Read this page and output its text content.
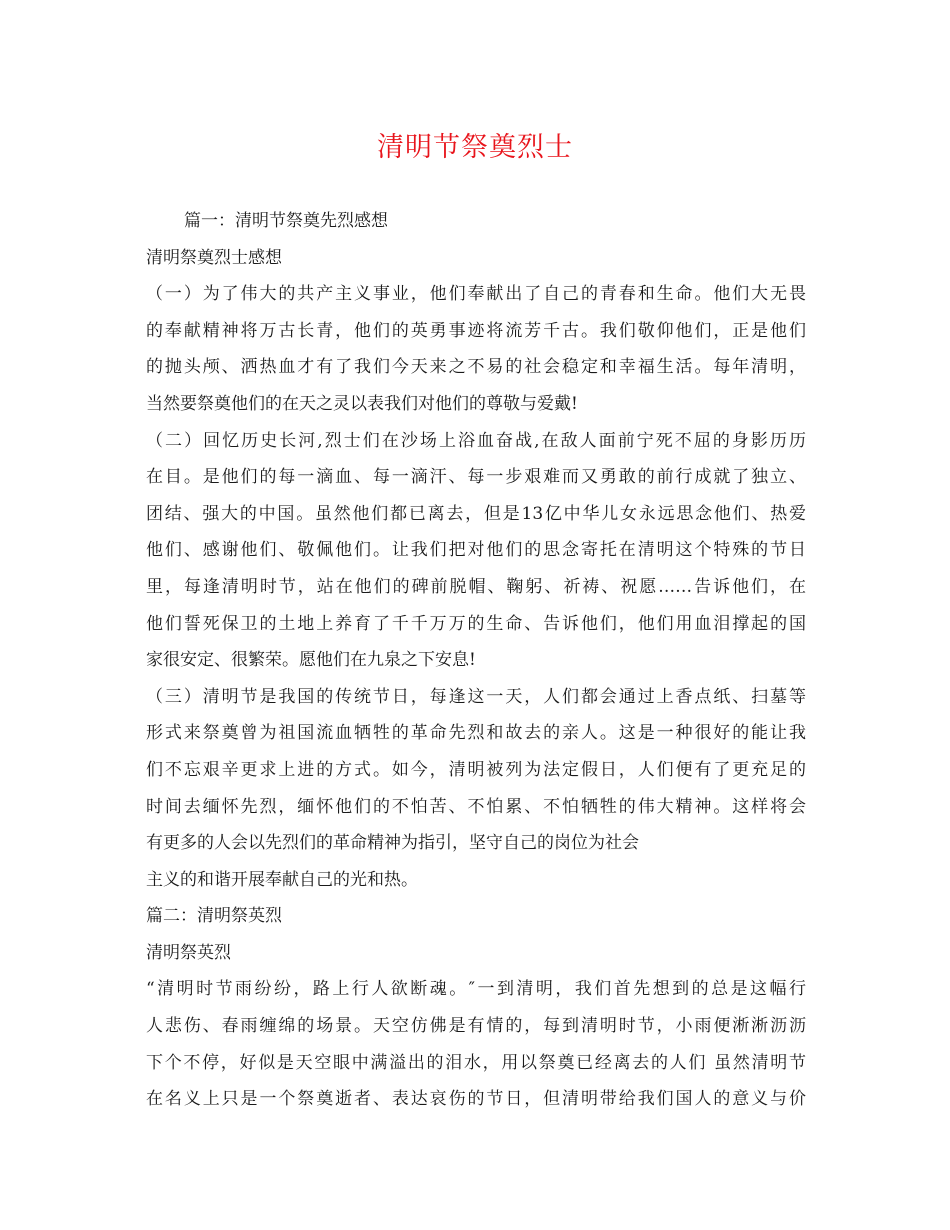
清明节祭奠烈士
篇一：清明节祭奠先烈感想
清明祭奠烈士感想
（一）为了伟大的共产主义事业，他们奉献出了自己的青春和生命。他们大无畏
的奉献精神将万古长青，他们的英勇事迹将流芳千古。我们敬仰他们，正是他们
的抛头颅、洒热血才有了我们今天来之不易的社会稳定和幸福生活。每年清明，
当然要祭奠他们的在天之灵以表我们对他们的尊敬与爱戴!
（二）回忆历史长河,烈士们在沙场上浴血奋战,在敌人面前宁死不屈的身影历历
在目。是他们的每一滴血、每一滴汗、每一步艰难而又勇敢的前行成就了独立、
团结、强大的中国。虽然他们都已离去，但是13亿中华儿女永远思念他们、热爱
他们、感谢他们、敬佩他们。让我们把对他们的思念寄托在清明这个特殊的节日
里，每逢清明时节，站在他们的碑前脱帽、鞠躬、祈祷、祝愿……告诉他们，在
他们誓死保卫的土地上养育了千千万万的生命、告诉他们，他们用血泪撑起的国
家很安定、很繁荣。愿他们在九泉之下安息!
（三）清明节是我国的传统节日，每逢这一天，人们都会通过上香点纸、扫墓等
形式来祭奠曾为祖国流血牺牲的革命先烈和故去的亲人。这是一种很好的能让我
们不忘艰辛更求上进的方式。如今，清明被列为法定假日，人们便有了更充足的
时间去缅怀先烈，缅怀他们的不怕苦、不怕累、不怕牺牲的伟大精神。这样将会
有更多的人会以先烈们的革命精神为指引，坚守自己的岗位为社会
主义的和谐开展奉献自己的光和热。
篇二：清明祭英烈
清明祭英烈
“清明时节雨纷纷，路上行人欲断魂。″一到清明，我们首先想到的总是这幅行
人悲伤、春雨缠绵的场景。天空仿佛是有情的，每到清明时节，小雨便淅淅沥沥
下个不停，好似是天空眼中满溢出的泪水，用以祭奠已经离去的人们 虽然清明节
在名义上只是一个祭奠逝者、表达哀伤的节日，但清明带给我们国人的意义与价
